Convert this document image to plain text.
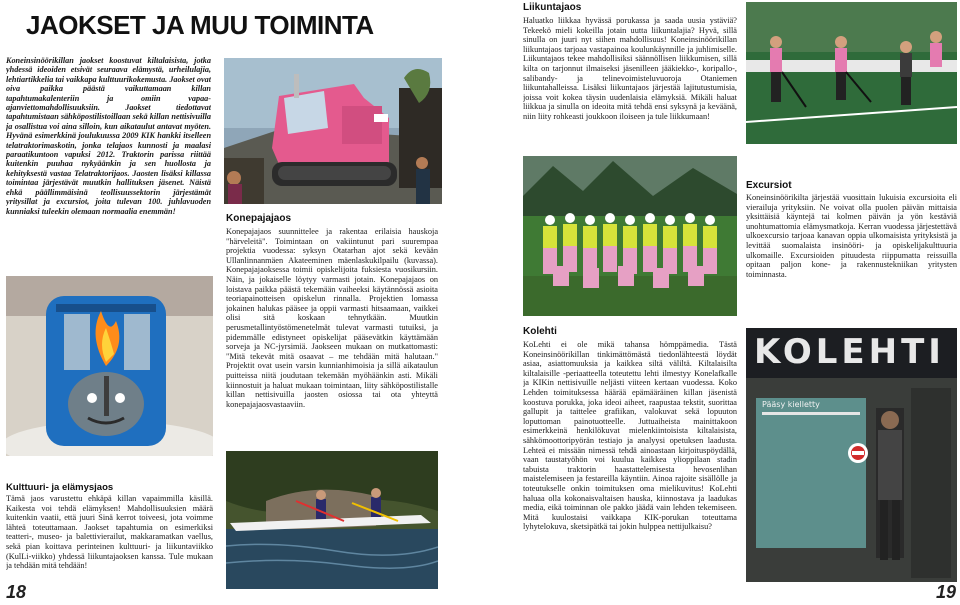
JAOKSET JA MUU TOIMINTA

Koneinsinöörikillan jaokset koostuvat kiltalaisista, jotka yhdessä ideoiden etsivät seuraava elämystä, urheilulajia, lehtiartikkelia tai vaikkapa kulttuurikokemusta. Jaokset ovat oiva paikka päästä vaikuttamaan killan tapahtumakalenteriin ja omiin vapaa-ajanviettomahdollisuuksiin. Jaokset tiedottavat tapahtumistaan sähköpostilistoillaan sekä killan nettisivuilla ja osallistua voi aina silloin, kun aikataulut antavat myöten. Hyvänä esimerkkinä joulukuussa 2009 KIK hankki itselleen telatraktorimaskotin, jonka telajaos kunnosti ja maalasi paraatikuntoon vapuksi 2012. Traktorin parissa riittää kuitenkin puuhaa nykyäänkin ja sen huollosta ja kehityksestä vastaa Telatraktorijaos. Jaosten lisäksi killassa toimintaa järjestävät muutkin hallituksen jäsenet. Näistä ehkä päällimmäisinä teollisuussektorin järjestämät yritysillat ja excursiot, joita tulevan 100. juhlavuoden kunniaksi tuleekin olemaan normaalia enemmän!

Kulttuuri- ja elämysjaos

Tämä jaos varustettu ehkäpä killan vapaimmilla käsillä. Kaikesta voi tehdä elämyksen! Mahdollisuuksien määrä kuitenkin vaatii, että juuri Sinä kerrot toiveesi, jota voimme lähteä toteuttamaan. Jaokset tapahtumia on esimerkiksi teatteri-, museo- ja balettivierailut, makkaramatkan vaellus, sekä pian koittava perinteinen kulttuuri- ja liikuntaviikko (KulLi-viikko) yhdessä liikuntajaoksen kanssa. Tule mukaan ja tehdään mitä tehdään!

18
Konepajajaos

Konepajajaos suunnittelee ja rakentaa erilaisia hauskoja "härveleitä". Toimintaan on vakiintunut pari suurempaa projektia vuodessa: syksyn Otatarhan ajot sekä kevään Ullanlinnanmäen Akateeminen mäenlaskukilpailu (kuvassa). Konepajajaoksessa toimii opiskelijoita fuksiesta vuosikursiin. Näin, ja jokaiselle löytyy varmasti jotain. Konepajajaos on loistava paikka päästä tekemään vaiheeksi käytännössä asioita teoriapainotteisen opiskelun rinnalla. Projektien lomassa jokainen halukas pääsee ja oppii varmasti hitsaamaan, vaikkei olisi sitä koskaan tehnytkään. Muutkin perusmetallintyöstömenetelmät tulevat varmasti tutuiksi, ja pidemmälle edistyneet opiskelijat pääsevätkin käyttämään sorveja ja NC-jyrsimiä. Jaokseen mukaan on mutkattomasti: "Mitä tekevät mitä osaavat – me tehdään mitä halutaan." Projektit ovat usein varsin kunnianhimoisia ja sillä aikataulun puitteissa niitä joudutaan tekemään myöhäänkin asti. Mikäli kiinnostuit ja haluat mukaan toimintaan, liity sähköpostilistalle killan nettisivuilla jaosten osiossa tai ota yhteyttä konepajajaosvastaaviin.

Liikuntajaos

Haluatko liikkaa hyvässä porukassa ja saada uusia ystäviä? Tekeekö mieli kokeilla jotain uutta liikuntalajia? Hyvä, sillä sinulla on juuri nyt siihen mahdollisuus! Koneinsinöörikillan liikuntajaos tarjoaa vastapainoa koulunkäynnille ja juhlimiselle. Liikuntajaos tekee mahdollisiksi säännöllisen liikkumisen, sillä kilta on tarjonnut ilmaiseksi jäsenilleen jääkiekko-, koripallo-, salibandy- ja telinevoimisteluvuoroja Otaniemen liikuntahalleissa. Lisäksi liikuntajaos järjestää lajitutustumisia, joissa voit kokea täysin uudenlaisia elämyksiä. Mikäli haluat liikkua ja sinulla on ideoita mitä tehdä ensi syksynä ja keväänä, niin liity rohkeasti joukkoon iloiseen ja tule liikkumaan!

Excursiot

Koneinsinöörikilta järjestää vuosittain lukuisia excursioita eli vierailuja yrityksiin. Ne voivat olla puolen päivän mittaisia yksittäisiä käyntejä tai kolmen päivän ja yön kestäviä unohtumattomia elämysmatkoja. Kerran vuodessa järjestettävä ulkoexcursio tarjoaa kanavan oppia ulkomaisista yrityksistä ja levittää suomalaista insinööri- ja opiskelijakulttuuria ulkomaille. Excursioiden pituudesta riippumatta reissuilla opitaan paljon kone- ja rakennustekniikan yritysten toiminnasta.

Kolehti

KoLehti ei ole mikä tahansa hömppämedia. Tästä Koneinsinöörikillan tinkimättömästä tiedonlähteestä löydät asiaa, asiattomuuksia ja kaikkea siltä väliltä. Kiltalaisilta kiltalaisille -periaatteella toteutettu lehti ilmestyy Konelafkalle ja KIKin nettisivuille neljästi viiteen kertaan vuodessa. Koko Lehden toimituksessa häärää epämääräinen killan jäsenistä koostuva porukka, joka ideoi aiheet, raapustaa tekstit, suorittaa gallupit ja taittelee grafiikan, valokuvat sekä lopuuton loputtoman painotuotteelle. Juttuaiheista mainittakoon esimerkkeinä henkilökuvat mielenkiintoisista kiltalaisista, sähkömoottoripyörän testiajo ja analyysi opetuksen laadusta. Lehteä ei missään nimessä tehdä ainoastaan kirjoituspöydällä, vaan taustatyöhön voi kuulua kaikkea ylioppilaan stadin tabuista traktorin haastattelemisesta hevosenlihan maistelemiseen ja festareilla käyntiin. Ainoa rajoite sisällölle ja toteutukselle onkin toimituksen oma mielikuvitus! KoLehti haluaa olla kokonaisvaltaisen hauska, kiinnostava ja laadukas media, eikä toiminnan ole pakko jäädä vain lehden tekemiseen. Mitä kuulostaisi vaikkapa KIK-porukan toteuttama lyhytelokuva, sketsipätkä tai jokin hulppea nettijulkaisu?

KOLEHTI
Pääsy kielletty
19
